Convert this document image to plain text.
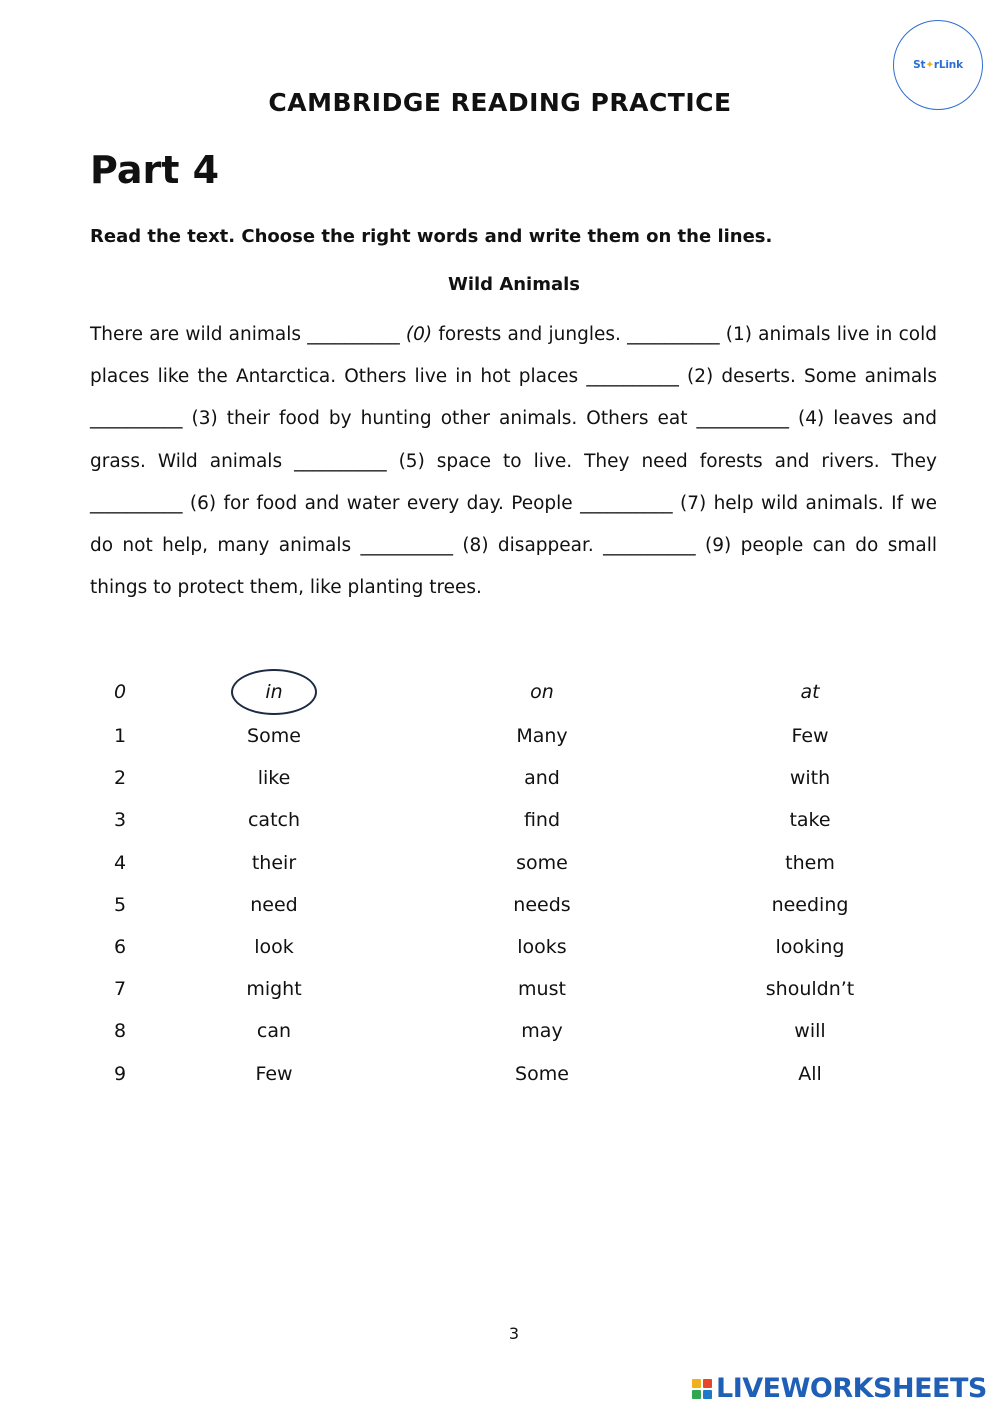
St✦rLink
CAMBRIDGE READING PRACTICE
Part 4
Read the text. Choose the right words and write them on the lines.
Wild Animals

There are wild animals __________ (0) forests and jungles. __________ (1) animals live in cold places like the Antarctica. Others live in hot places __________ (2) deserts. Some animals __________ (3) their food by hunting other animals. Others eat __________ (4) leaves and grass. Wild animals __________ (5) space to live. They need forests and rivers. They __________ (6) for food and water every day. People __________ (7) help wild animals. If we do not help, many animals __________ (8) disappear. __________ (9) people can do small things to protect them, like planting trees.

0	in	on	at
1	Some	Many	Few
2	like	and	with
3	catch	find	take
4	their	some	them
5	need	needs	needing
6	look	looks	looking
7	might	must	shouldn’t
8	can	may	will
9	Few	Some	All
3
LIVEWORKSHEETS
